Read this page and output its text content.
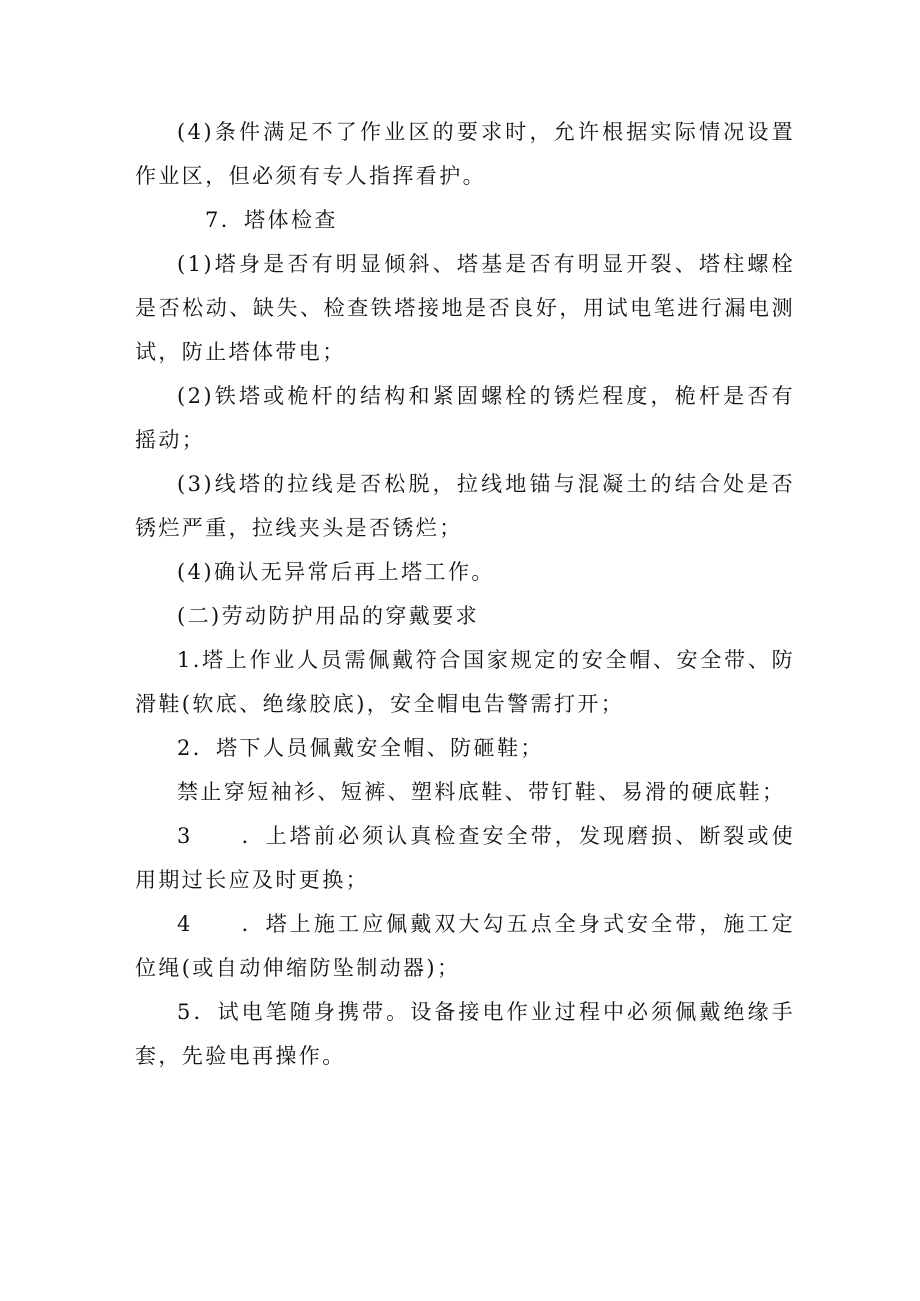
(4)条件满足不了作业区的要求时，允许根据实际情况设置作业区，但必须有专人指挥看护。

7．塔体检查

(1)塔身是否有明显倾斜、塔基是否有明显开裂、塔柱螺栓是否松动、缺失、检查铁塔接地是否良好，用试电笔进行漏电测试，防止塔体带电；

(2)铁塔或桅杆的结构和紧固螺栓的锈烂程度，桅杆是否有摇动；

(3)线塔的拉线是否松脱，拉线地锚与混凝土的结合处是否锈烂严重，拉线夹头是否锈烂；

(4)确认无异常后再上塔工作。

(二)劳动防护用品的穿戴要求

1.塔上作业人员需佩戴符合国家规定的安全帽、安全带、防滑鞋(软底、绝缘胶底)，安全帽电告警需打开；

2．塔下人员佩戴安全帽、防砸鞋；

禁止穿短袖衫、短裤、塑料底鞋、带钉鞋、易滑的硬底鞋；

3　　．上塔前必须认真检查安全带，发现磨损、断裂或使用期过长应及时更换；

4　　．塔上施工应佩戴双大勾五点全身式安全带，施工定位绳(或自动伸缩防坠制动器)；

5．试电笔随身携带。设备接电作业过程中必须佩戴绝缘手套，先验电再操作。
